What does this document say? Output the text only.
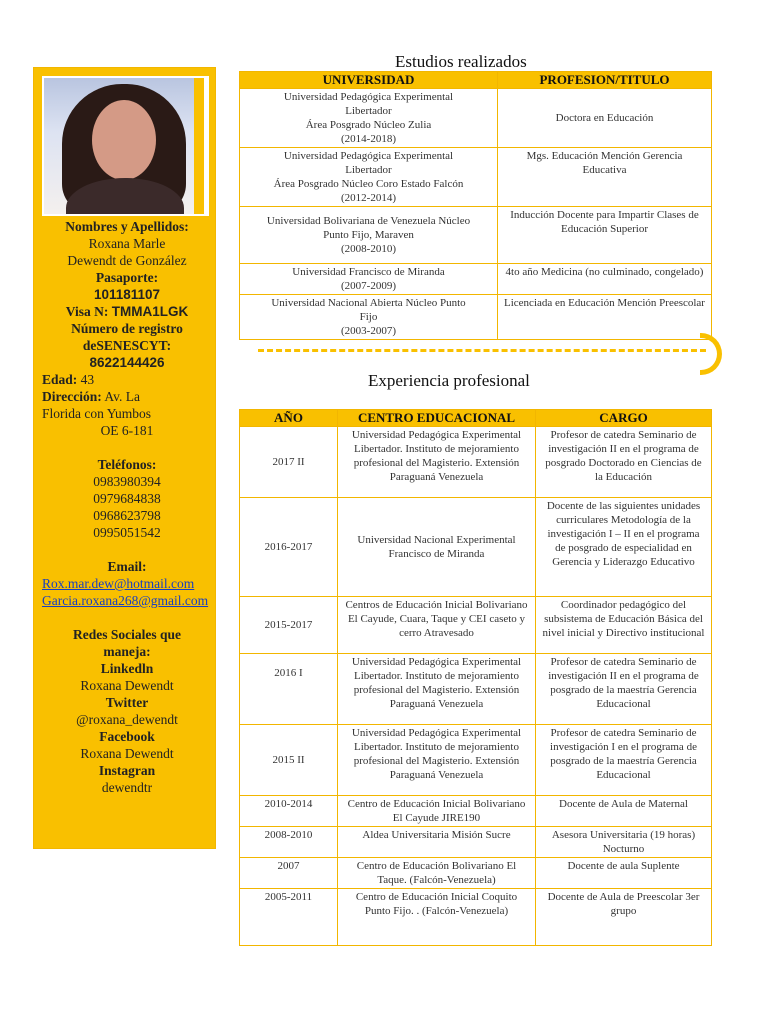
Nombres y Apellidos:
Roxana Marle
Dewendt de González
Pasaporte:
101181107
Visa N: TMMA1LGK
Número de registro
deSENESCYT:
8622144426
Edad: 43
Dirección: Av. La
Florida con Yumbos
OE 6-181
Teléfonos:
0983980394
0979684838
0968623798
0995051542
Email:
Rox.mar.dew@hotmail.com
Garcia.roxana268@gmail.com
Redes Sociales que
maneja:
Linkedln
Roxana Dewendt
Twitter
@roxana_dewendt
Facebook
Roxana Dewendt
Instagran
dewendtr
Estudios realizados
UNIVERSIDAD	PROFESION/TITULO

Universidad Pedagógica Experimental
Libertador
Área Posgrado Núcleo Zulia
(2014-2018)	Doctora en Educación

Universidad Pedagógica Experimental
Libertador
Área Posgrado Núcleo Coro Estado Falcón
(2012-2014)	Mgs. Educación Mención Gerencia Educativa

Universidad Bolivariana de Venezuela Núcleo
Punto Fijo, Maraven
(2008-2010)	Inducción Docente para Impartir Clases de Educación Superior

Universidad Francisco de Miranda
(2007-2009)	4to año Medicina (no culminado, congelado)

Universidad Nacional Abierta Núcleo Punto
Fijo
(2003-2007)	Licenciada en Educación Mención Preescolar
Experiencia profesional
AÑO	CENTRO EDUCACIONAL	CARGO
2017 II	Universidad Pedagógica Experimental Libertador. Instituto de mejoramiento profesional del Magisterio. Extensión Paraguaná Venezuela	Profesor de catedra Seminario de investigación II en el programa de posgrado Doctorado en Ciencias de la Educación
2016-2017	Universidad Nacional Experimental Francisco de Miranda	Docente de las siguientes unidades curriculares Metodología de la investigación I – II en el programa de posgrado de especialidad en Gerencia y Liderazgo Educativo
2015-2017	Centros de Educación Inicial Bolivariano El Cayude, Cuara, Taque y CEI caseto y cerro Atravesado	Coordinador pedagógico del subsistema de Educación Básica del nivel inicial y Directivo institucional
2016 I	Universidad Pedagógica Experimental Libertador. Instituto de mejoramiento profesional del Magisterio. Extensión Paraguaná Venezuela	Profesor de catedra Seminario de investigación II en el programa de posgrado de la maestría Gerencia Educacional
2015 II	Universidad Pedagógica Experimental Libertador. Instituto de mejoramiento profesional del Magisterio. Extensión Paraguaná Venezuela	Profesor de catedra Seminario de investigación I en el programa de posgrado de la maestría Gerencia Educacional
2010-2014	Centro de Educación Inicial Bolivariano El Cayude JIRE190	Docente de Aula de Maternal
2008-2010	Aldea Universitaria Misión Sucre	Asesora Universitaria (19 horas) Nocturno
2007	Centro de Educación Bolivariano El Taque. (Falcón-Venezuela)	Docente de aula Suplente
2005-2011	Centro de Educación Inicial Coquito Punto Fijo. . (Falcón-Venezuela)	Docente de Aula de Preescolar 3er grupo
